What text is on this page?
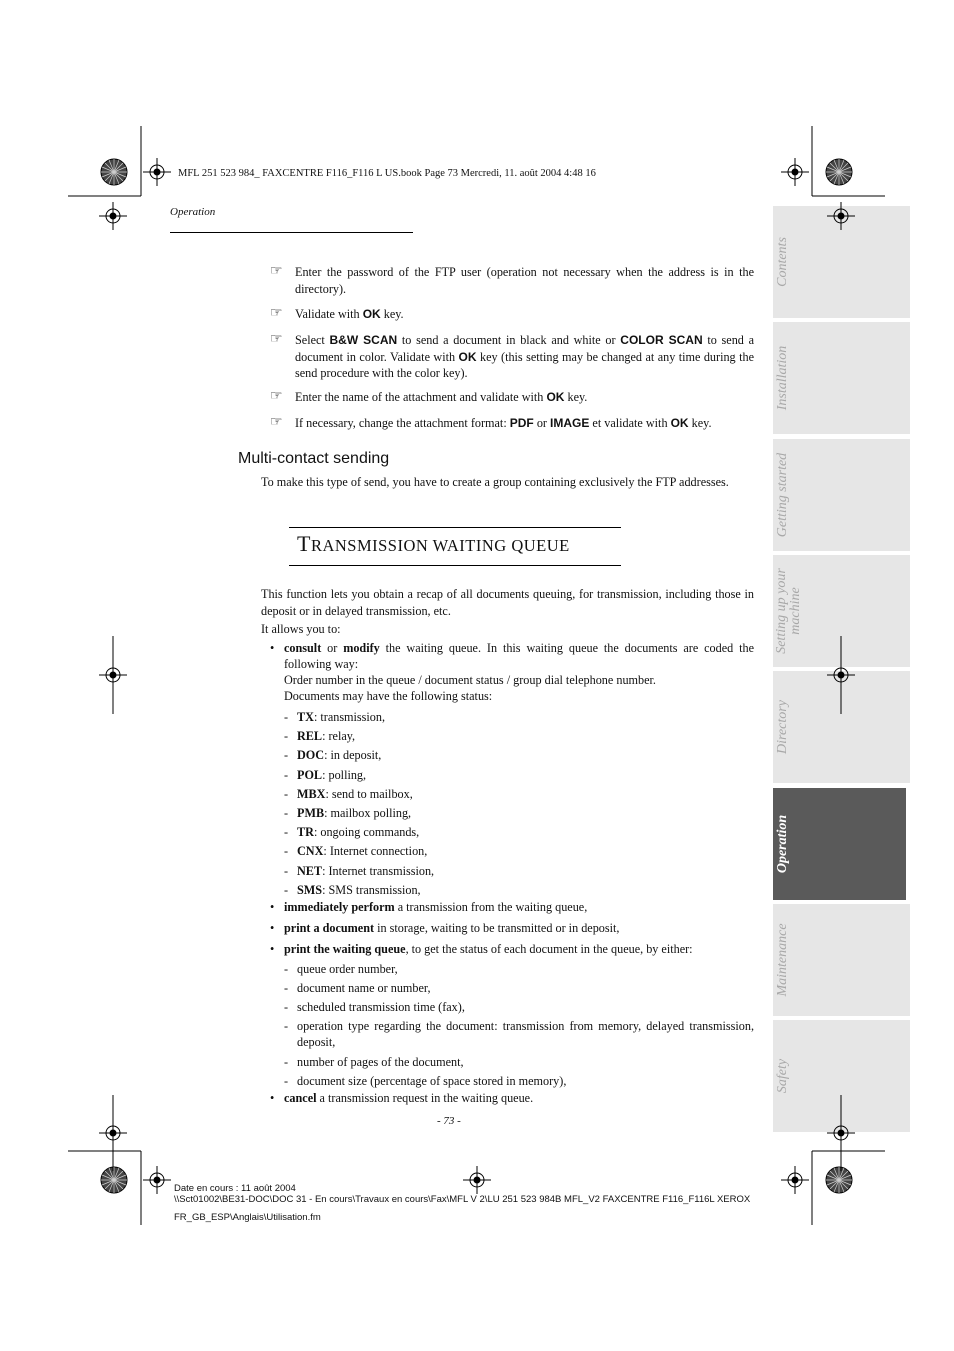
MFL 251 523 984_ FAXCENTRE F116_F116 L US.book Page 73 Mercredi, 11. août 2004 4:48 16
Operation
☞ Enter the password of the FTP user (operation not necessary when the address is in the directory).
☞ Validate with OK key.
☞ Select B&W SCAN to send a document in black and white or COLOR SCAN to send a document in color. Validate with OK key (this setting may be changed at any time during the send procedure with the color key).
☞ Enter the name of the attachment and validate with OK key.
☞ If necessary, change the attachment format: PDF or IMAGE et validate with OK key.
Multi-contact sending
To make this type of send, you have to create a group containing exclusively the FTP addresses.
TRANSMISSION WAITING QUEUE
This function lets you obtain a recap of all documents queuing, for transmission, including those in deposit or in delayed transmission, etc.
It allows you to:
• consult or modify the waiting queue. In this waiting queue the documents are coded the following way:
Order number in the queue / document status / group dial telephone number.
Documents may have the following status:
- TX: transmission,
- REL: relay,
- DOC: in deposit,
- POL: polling,
- MBX: send to mailbox,
- PMB: mailbox polling,
- TR: ongoing commands,
- CNX: Internet connection,
- NET: Internet transmission,
- SMS: SMS transmission,
• immediately perform a transmission from the waiting queue,
• print a document in storage, waiting to be transmitted or in deposit,
• print the waiting queue, to get the status of each document in the queue, by either:
- queue order number,
- document name or number,
- scheduled transmission time (fax),
- operation type regarding the document: transmission from memory, delayed transmission, deposit,
- number of pages of the document,
- document size (percentage of space stored in memory),
• cancel a transmission request in the waiting queue.
- 73 -
Date en cours : 11 août 2004
\\Sct01002\BE31-DOC\DOC 31 - En cours\Travaux en cours\Fax\MFL V 2\LU 251 523 984B MFL_V2 FAXCENTRE F116_F116L XEROX
FR_GB_ESP\Anglais\Utilisation.fm
Contents
Installation
Getting started
Setting up your machine
Directory
Operation
Maintenance
Safety
